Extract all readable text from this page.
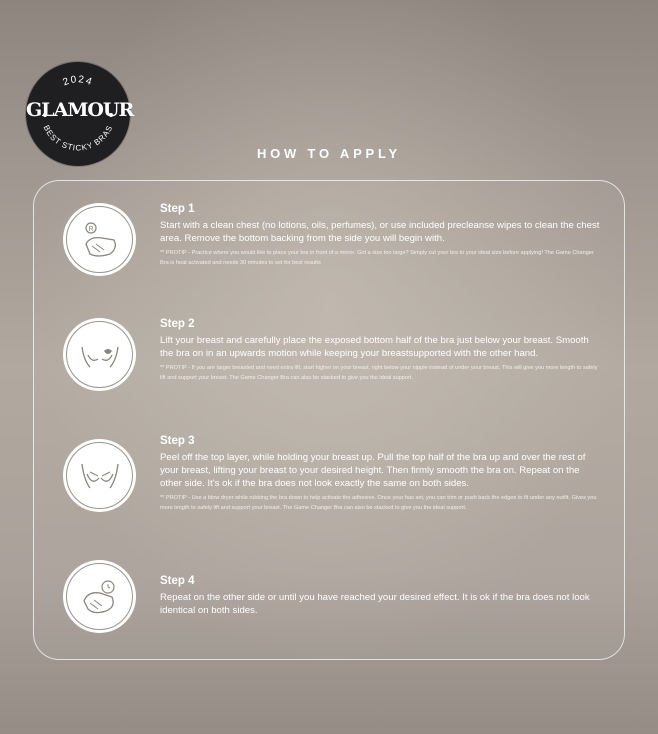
2024
BEST STICKY BRAS
GLAMOUR
HOW TO APPLY
R
Step 1
Start with a clean chest (no lotions, oils, perfumes), or use included precleanse wipes to clean the chest area. Remove the bottom backing from the side you will begin with.
** PROTIP - Practice where you would like to place your bra in front of a mirror. Got a size too large? Simply cut your bra to your ideal size before applying! The Game Changer Bra is heat activated and needs 30 minutes to set for best results
Step 2
Lift your breast and carefully place the exposed bottom half of the bra just below your breast. Smooth the bra on in an upwards motion while keeping your breastsupported with the other hand.
** PROTIP - If you are larger breasted and need extra lift, start higher on your breast, right below your nipple instead of under your breast. This will give you more length to safely lift and support your breast. The Game Changer Bra can also be stacked to give you the ideal support.
Step 3
Peel off the top layer, while holding your breast up. Pull the top half of the bra up and over the rest of your breast, lifting your breast to your desired height. Then firmly smooth the bra on. Repeat on the other side. It's ok if the bra does not look exactly the same on both sides.
** PROTIP - Use a blow dryer while rubbing the bra down to help activate the adhesive. Once your has set, you can trim or push back the edges to fit under any outfit. Gives you more length to safely lift and support your breast. The Game Changer Bra can also be stacked to give you the ideal support.
Step 4
Repeat on the other side or until you have reached your desired effect. It is ok if the bra does not look identical on both sides.
